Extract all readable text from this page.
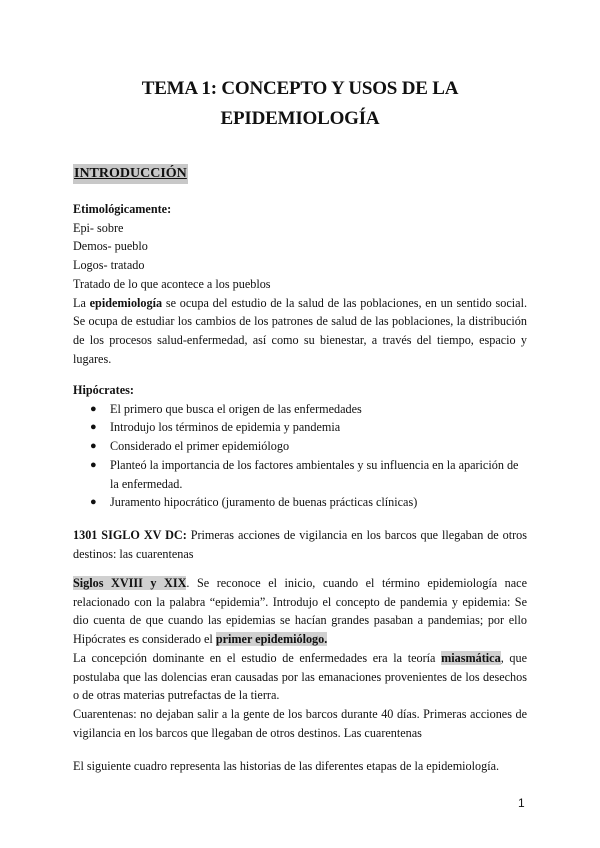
TEMA 1: CONCEPTO Y USOS DE LA
EPIDEMIOLOGÍA
INTRODUCCIÓN
Etimológicamente:
Epi- sobre
Demos- pueblo
Logos- tratado
Tratado de lo que acontece a los pueblos
La epidemiología se ocupa del estudio de la salud de las poblaciones, en un sentido social. Se ocupa de estudiar los cambios de los patrones de salud de las poblaciones, la distribución de los procesos salud-enfermedad, así como su bienestar, a través del tiempo, espacio y lugares.
Hipócrates:
● El primero que busca el origen de las enfermedades
● Introdujo los términos de epidemia y pandemia
● Considerado el primer epidemiólogo
● Planteó la importancia de los factores ambientales y su influencia en la aparición de la enfermedad.
● Juramento hipocrático (juramento de buenas prácticas clínicas)
1301 SIGLO XV DC: Primeras acciones de vigilancia en los barcos que llegaban de otros destinos: las cuarentenas
Siglos XVIII y XIX. Se reconoce el inicio, cuando el término epidemiología nace relacionado con la palabra “epidemia”. Introdujo el concepto de pandemia y epidemia: Se dio cuenta de que cuando las epidemias se hacían grandes pasaban a pandemias; por ello Hipócrates es considerado el primer epidemiólogo.
La concepción dominante en el estudio de enfermedades era la teoría miasmática, que postulaba que las dolencias eran causadas por las emanaciones provenientes de los desechos o de otras materias putrefactas de la tierra.
Cuarentenas: no dejaban salir a la gente de los barcos durante 40 días. Primeras acciones de vigilancia en los barcos que llegaban de otros destinos. Las cuarentenas
El siguiente cuadro representa las historias de las diferentes etapas de la epidemiología.
1
